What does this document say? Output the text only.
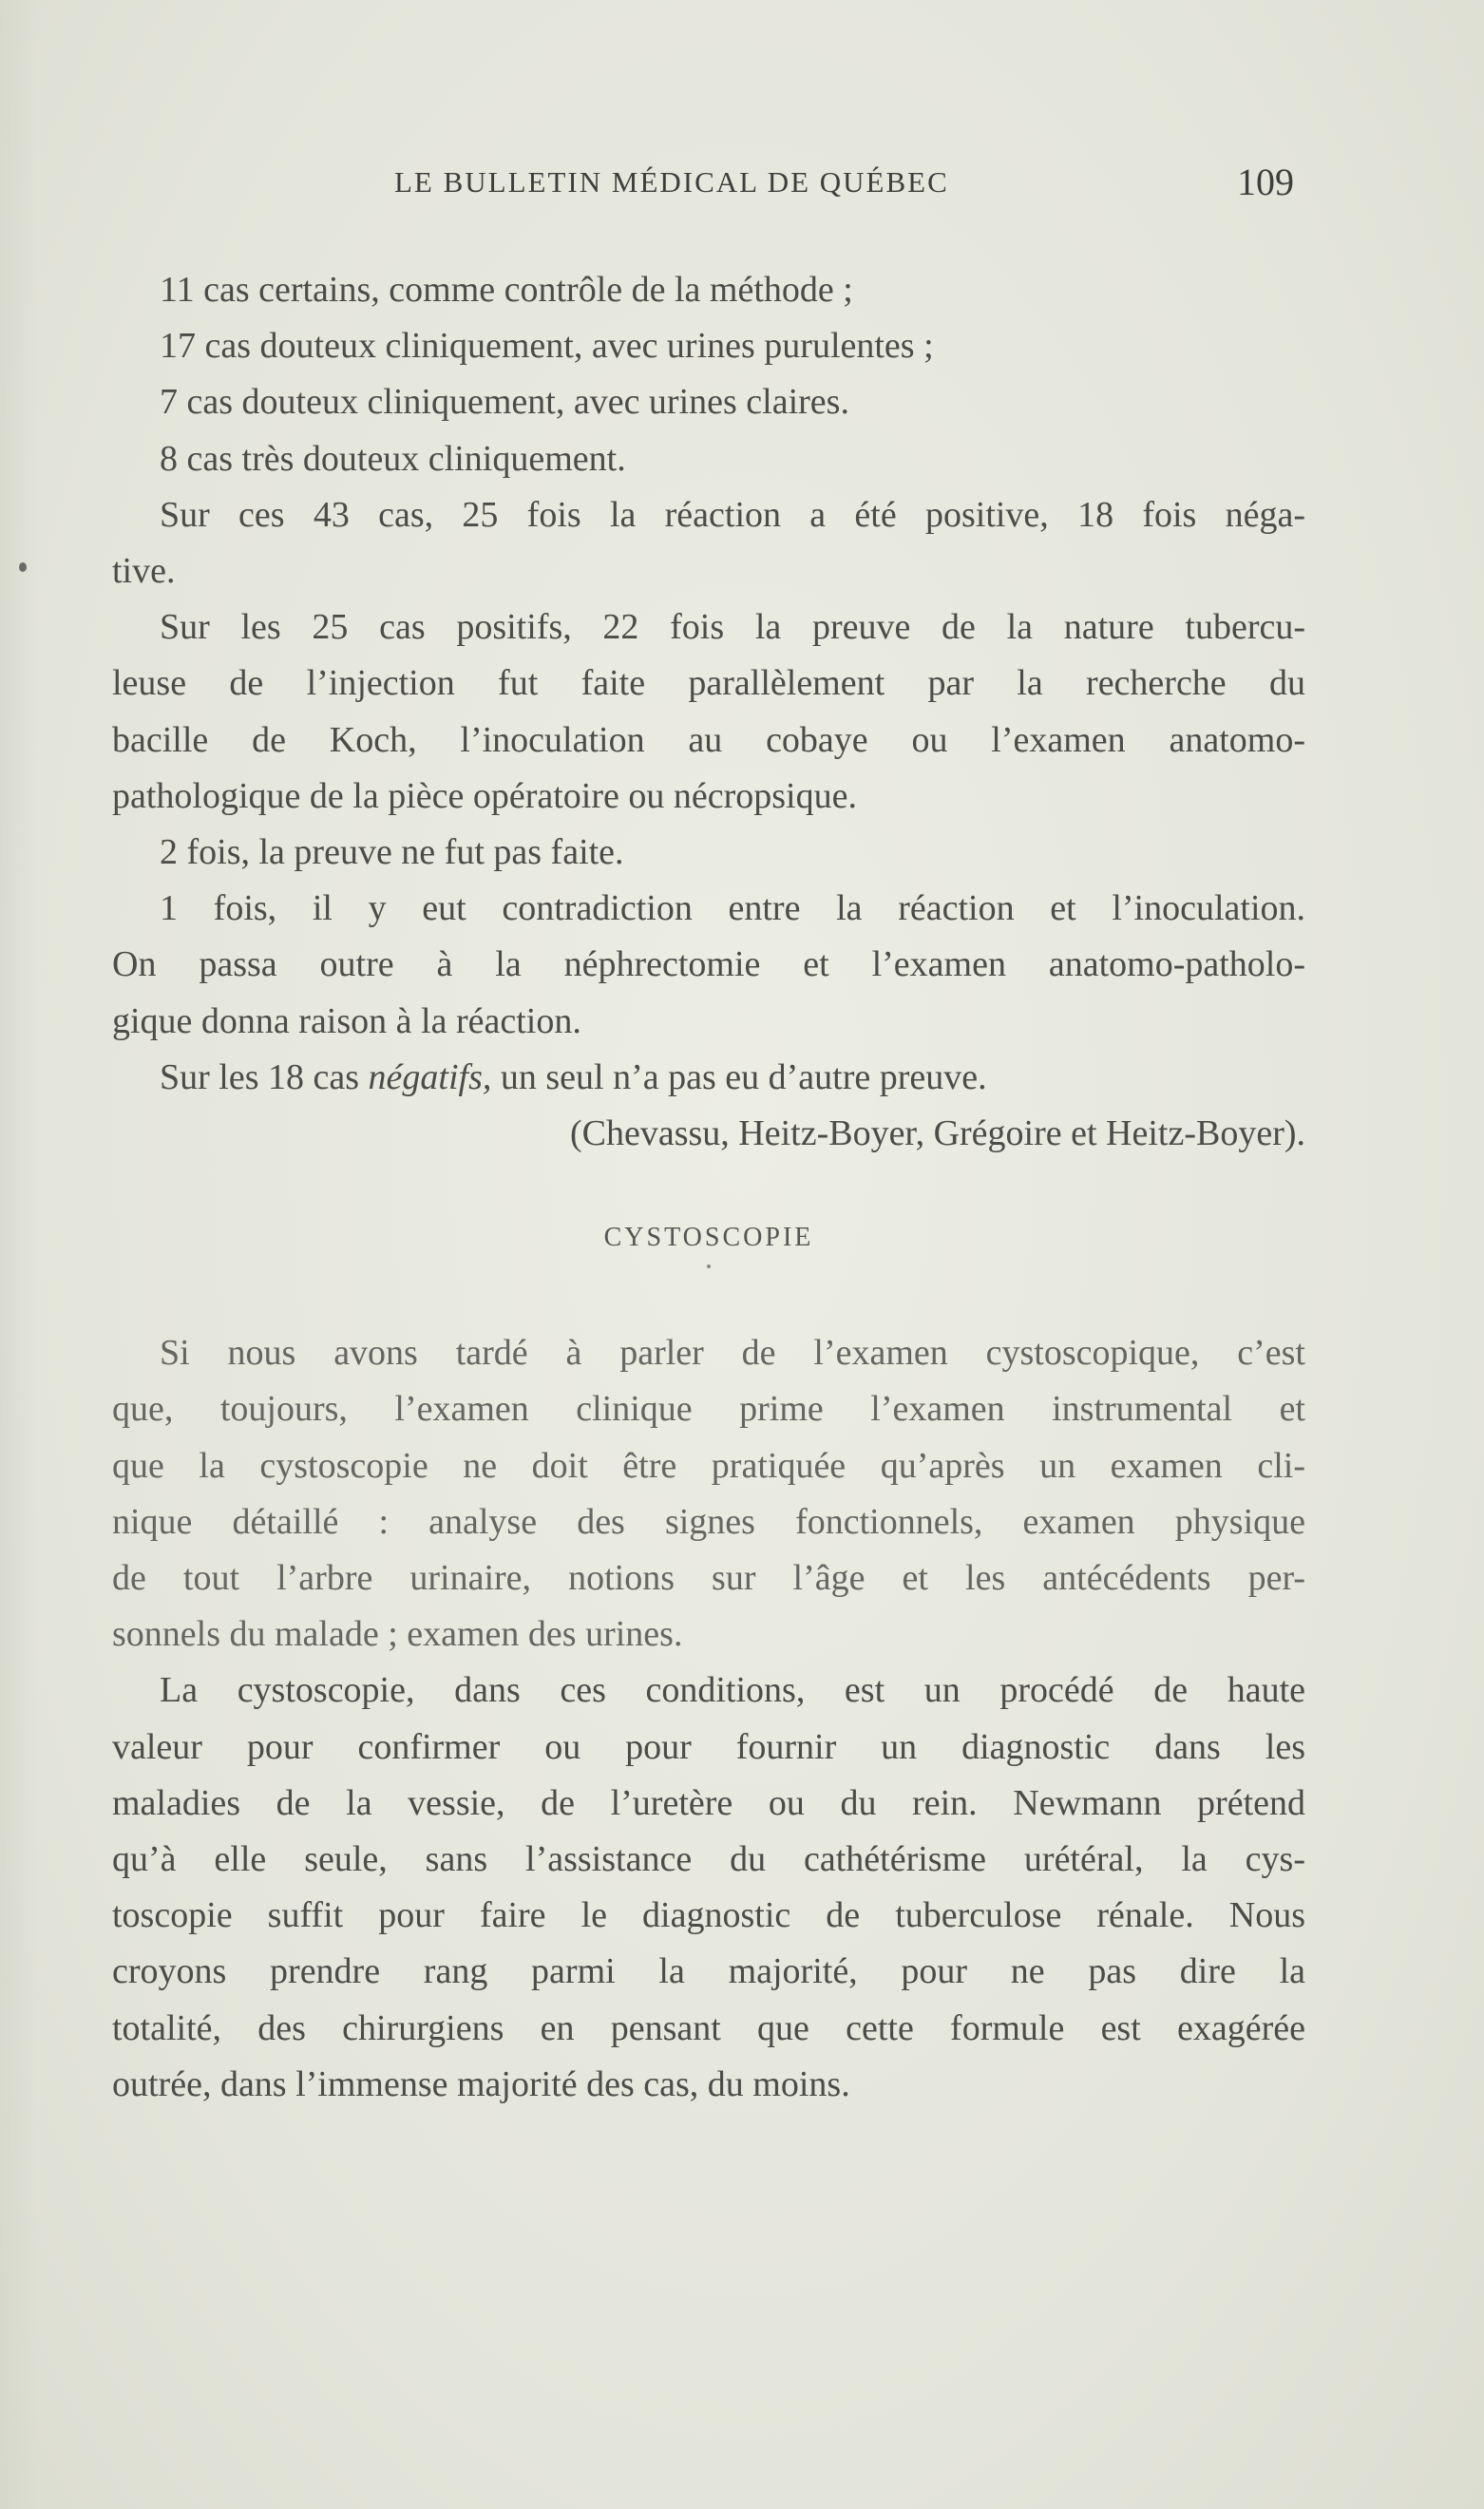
LE BULLETIN MÉDICAL DE QUÉBEC	109
11 cas certains, comme contrôle de la méthode ;
17 cas douteux cliniquement, avec urines purulentes ;
7 cas douteux cliniquement, avec urines claires.
8 cas très douteux cliniquement.
Sur ces 43 cas, 25 fois la réaction a été positive, 18 fois néga-
tive.
Sur les 25 cas positifs, 22 fois la preuve de la nature tubercu-
leuse de l’injection fut faite parallèlement par la recherche du
bacille de Koch, l’inoculation au cobaye ou l’examen anatomo-
pathologique de la pièce opératoire ou nécropsique.
2 fois, la preuve ne fut pas faite.
1 fois, il y eut contradiction entre la réaction et l’inoculation.
On passa outre à la néphrectomie et l’examen anatomo-patholo-
gique donna raison à la réaction.
Sur les 18 cas négatifs, un seul n’a pas eu d’autre preuve.
(Chevassu, Heitz-Boyer, Grégoire et Heitz-Boyer).
CYSTOSCOPIE
Si nous avons tardé à parler de l’examen cystoscopique, c’est
que, toujours, l’examen clinique prime l’examen instrumental et
que la cystoscopie ne doit être pratiquée qu’après un examen cli-
nique détaillé : analyse des signes fonctionnels, examen physique
de tout l’arbre urinaire, notions sur l’âge et les antécédents per-
sonnels du malade ; examen des urines.
La cystoscopie, dans ces conditions, est un procédé de haute
valeur pour confirmer ou pour fournir un diagnostic dans les
maladies de la vessie, de l’uretère ou du rein. Newmann prétend
qu’à elle seule, sans l’assistance du cathétérisme urétéral, la cys-
toscopie suffit pour faire le diagnostic de tuberculose rénale. Nous
croyons prendre rang parmi la majorité, pour ne pas dire la
totalité, des chirurgiens en pensant que cette formule est exagérée
outrée, dans l’immense majorité des cas, du moins.
